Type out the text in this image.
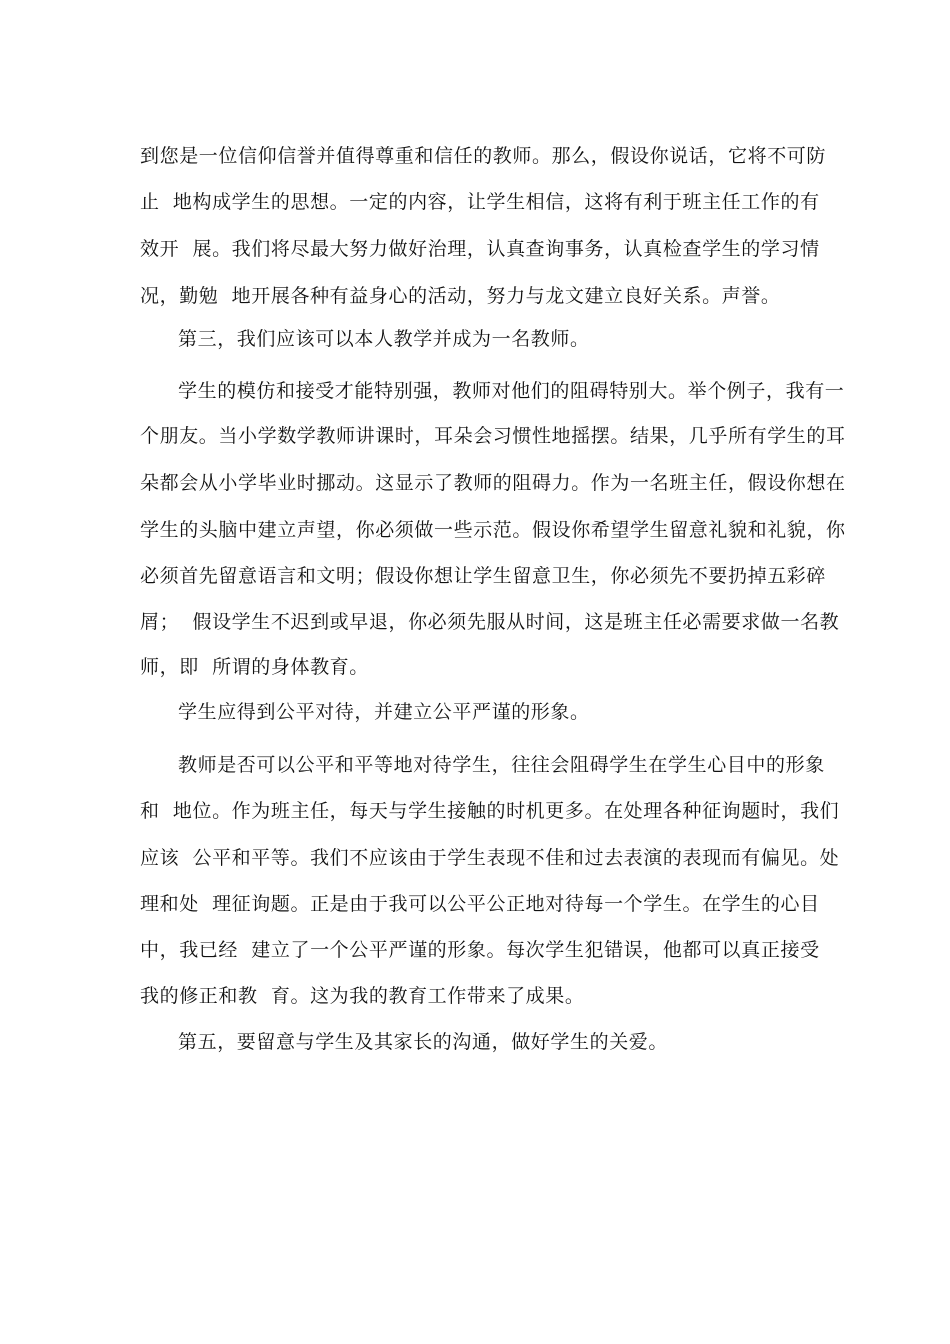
到您是一位信仰信誉并值得尊重和信任的教师。那么，假设你说话，它将不可防
止  地构成学生的思想。一定的内容，让学生相信，这将有利于班主任工作的有
效开  展。我们将尽最大努力做好治理，认真查询事务，认真检查学生的学习情
况，勤勉  地开展各种有益身心的活动，努力与龙文建立良好关系。声誉。
第三，我们应该可以本人教学并成为一名教师。
学生的模仿和接受才能特别强，教师对他们的阻碍特别大。举个例子，我有一
个朋友。当小学数学教师讲课时，耳朵会习惯性地摇摆。结果，几乎所有学生的耳
朵都会从小学毕业时挪动。这显示了教师的阻碍力。作为一名班主任，假设你想在
学生的头脑中建立声望，你必须做一些示范。假设你希望学生留意礼貌和礼貌，你
必须首先留意语言和文明；假设你想让学生留意卫生，你必须先不要扔掉五彩碎
屑；  假设学生不迟到或早退，你必须先服从时间，这是班主任必需要求做一名教
师，即  所谓的身体教育。
学生应得到公平对待，并建立公平严谨的形象。
教师是否可以公平和平等地对待学生，往往会阻碍学生在学生心目中的形象
和  地位。作为班主任，每天与学生接触的时机更多。在处理各种征询题时，我们
应该  公平和平等。我们不应该由于学生表现不佳和过去表演的表现而有偏见。处
理和处  理征询题。正是由于我可以公平公正地对待每一个学生。在学生的心目
中，我已经  建立了一个公平严谨的形象。每次学生犯错误，他都可以真正接受
我的修正和教  育。这为我的教育工作带来了成果。
第五，要留意与学生及其家长的沟通，做好学生的关爱。
